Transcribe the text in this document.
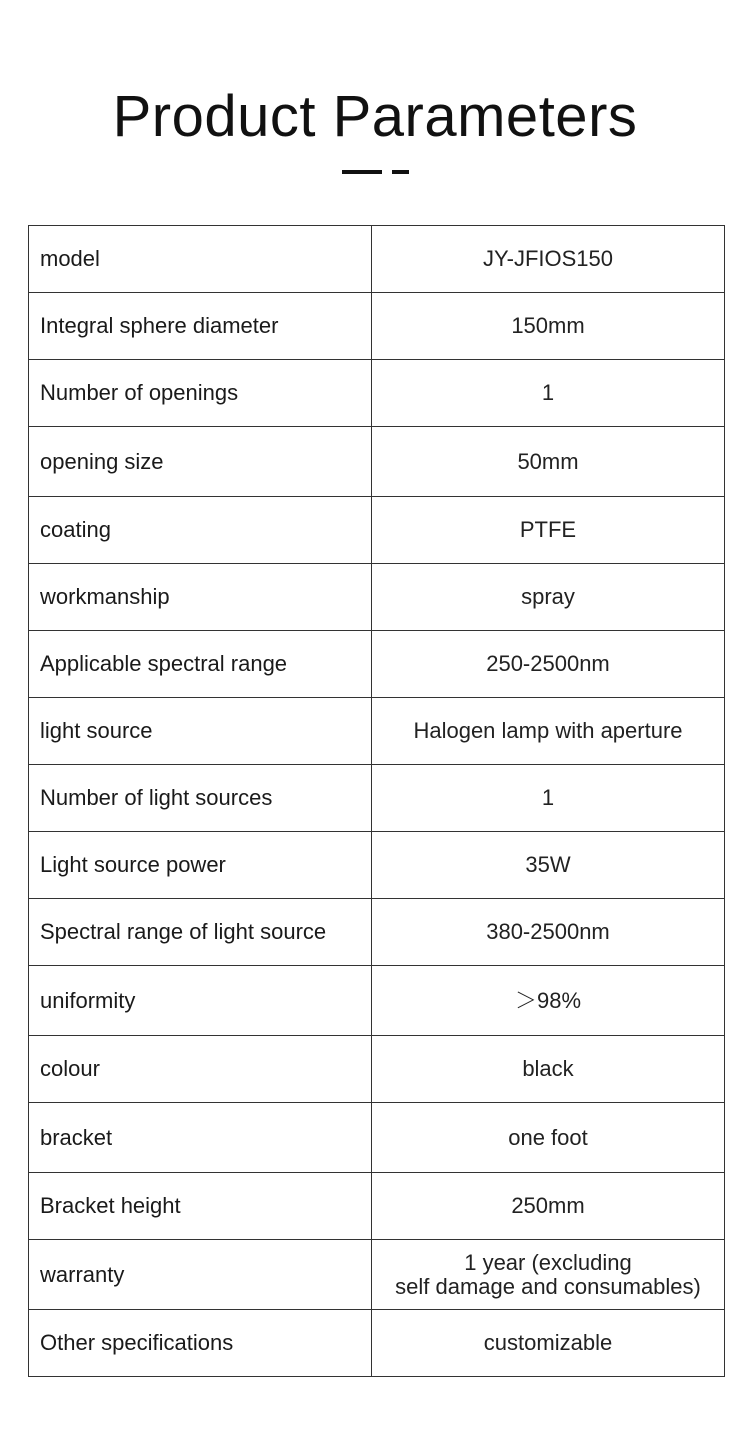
Product Parameters
model	JY-JFIOS150
Integral sphere diameter	150mm
Number of openings	1
opening size	50mm
coating	PTFE
workmanship	spray
Applicable spectral range	250-2500nm
light source	Halogen lamp with aperture
Number of light sources	1
Light source power	35W
Spectral range of light source	380-2500nm
uniformity	＞98%
colour	black
bracket	one foot
Bracket height	250mm
warranty	1 year (excluding
self damage and consumables)

Other specifications	customizable
